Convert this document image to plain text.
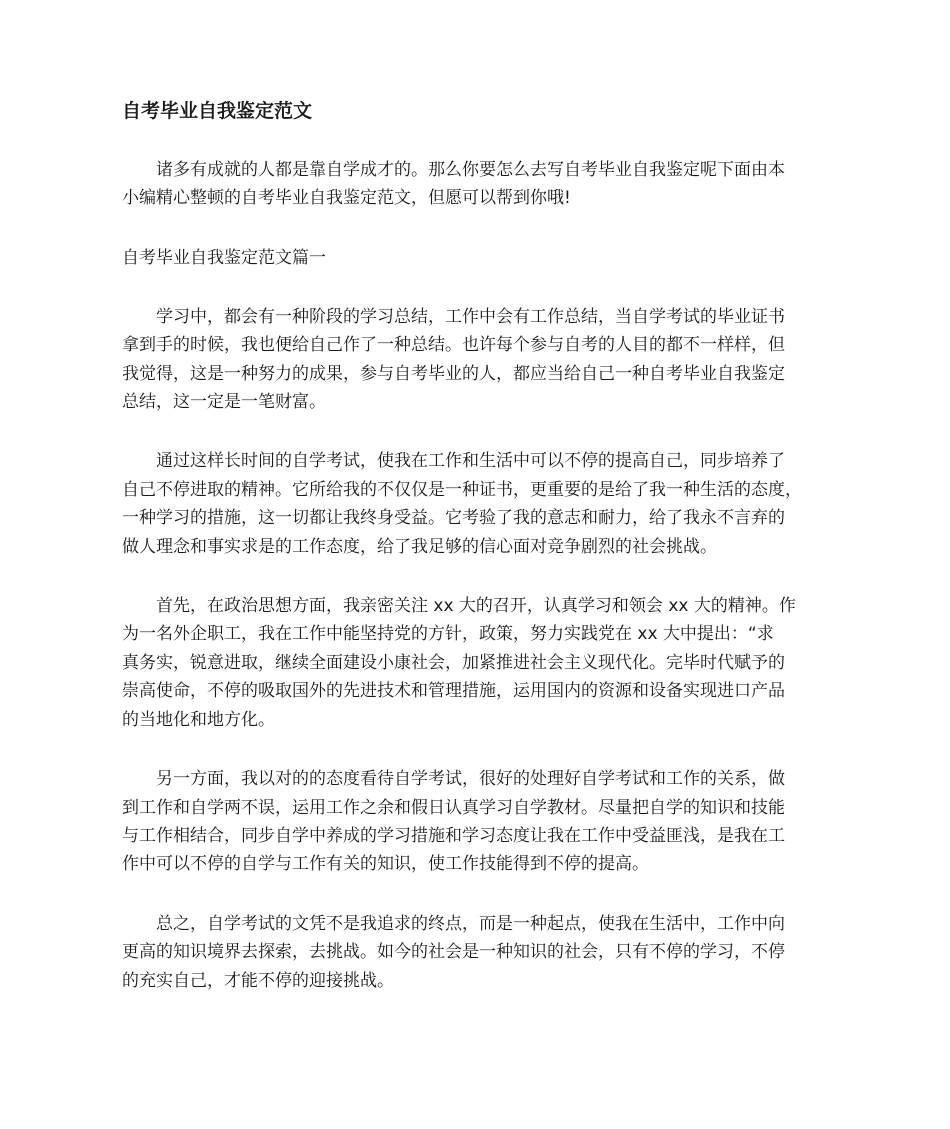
自考毕业自我鉴定范文
诸多有成就的人都是靠自学成才的。那么你要怎么去写自考毕业自我鉴定呢下面由本
小编精心整顿的自考毕业自我鉴定范文，但愿可以帮到你哦!
自考毕业自我鉴定范文篇一
学习中，都会有一种阶段的学习总结，工作中会有工作总结，当自学考试的毕业证书
拿到手的时候，我也便给自己作了一种总结。也许每个参与自考的人目的都不一样样，但
我觉得，这是一种努力的成果，参与自考毕业的人，都应当给自己一种自考毕业自我鉴定
总结，这一定是一笔财富。
通过这样长时间的自学考试，使我在工作和生活中可以不停的提高自己，同步培养了
自己不停进取的精神。它所给我的不仅仅是一种证书，更重要的是给了我一种生活的态度，
一种学习的措施，这一切都让我终身受益。它考验了我的意志和耐力，给了我永不言弃的
做人理念和事实求是的工作态度，给了我足够的信心面对竞争剧烈的社会挑战。
首先，在政治思想方面，我亲密关注 xx 大的召开，认真学习和领会 xx 大的精神。作
为一名外企职工，我在工作中能坚持党的方针，政策，努力实践党在 xx 大中提出：“求
真务实，锐意进取，继续全面建设小康社会，加紧推进社会主义现代化。完毕时代赋予的
崇高使命，不停的吸取国外的先进技术和管理措施，运用国内的资源和设备实现进口产品
的当地化和地方化。
另一方面，我以对的的态度看待自学考试，很好的处理好自学考试和工作的关系，做
到工作和自学两不误，运用工作之余和假日认真学习自学教材。尽量把自学的知识和技能
与工作相结合，同步自学中养成的学习措施和学习态度让我在工作中受益匪浅，是我在工
作中可以不停的自学与工作有关的知识，使工作技能得到不停的提高。
总之，自学考试的文凭不是我追求的终点，而是一种起点，使我在生活中，工作中向
更高的知识境界去探索，去挑战。如今的社会是一种知识的社会，只有不停的学习，不停
的充实自己，才能不停的迎接挑战。
